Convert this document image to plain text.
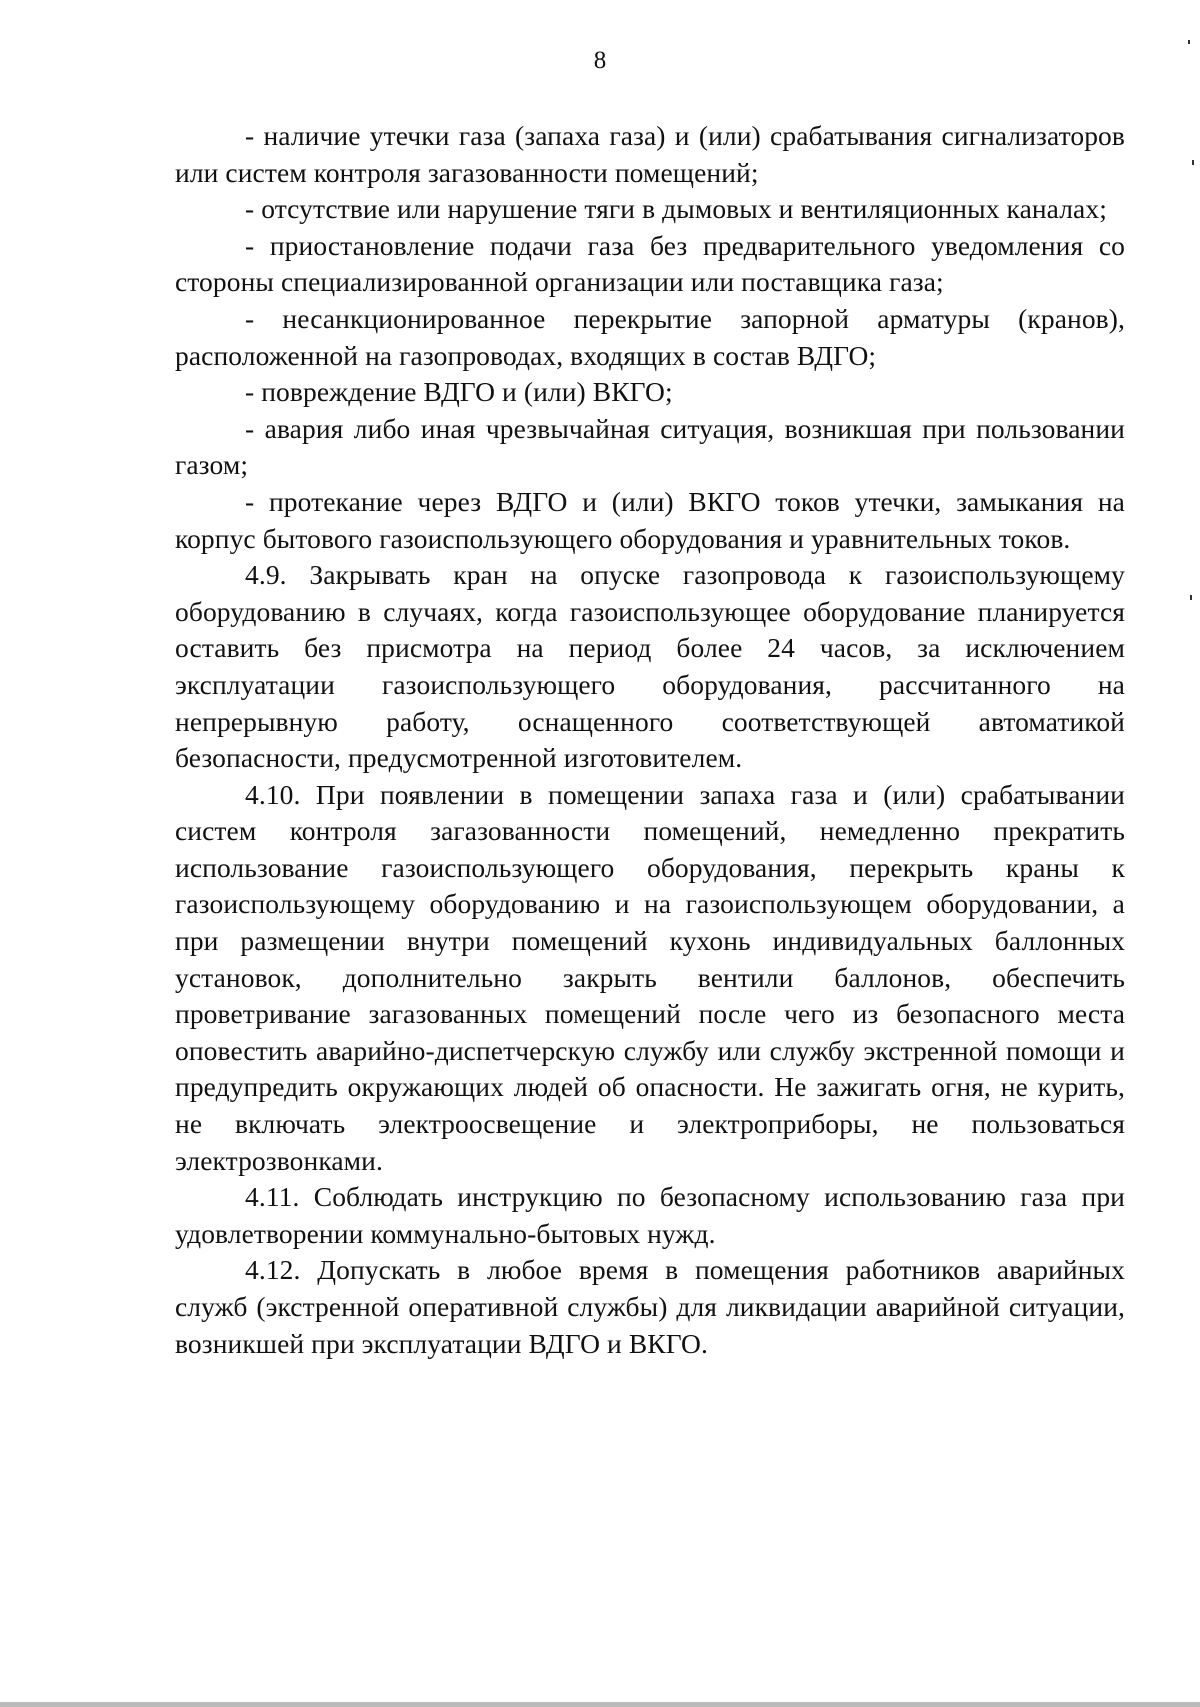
8

- наличие утечки газа (запаха газа) и (или) срабатывания сигнализаторов или систем контроля загазованности помещений;

- отсутствие или нарушение тяги в дымовых и вентиляционных каналах;

- приостановление подачи газа без предварительного уведомления со стороны специализированной организации или поставщика газа;

- несанкционированное перекрытие запорной арматуры (кранов), расположенной на газопроводах, входящих в состав ВДГО;

- повреждение ВДГО и (или) ВКГО;

- авария либо иная чрезвычайная ситуация, возникшая при пользовании газом;

- протекание через ВДГО и (или) ВКГО токов утечки, замыкания на корпус бытового газоиспользующего оборудования и уравнительных токов.

4.9. Закрывать кран на опуске газопровода к газоиспользующему оборудованию в случаях, когда газоиспользующее оборудование планируется оставить без присмотра на период более 24 часов, за исключением эксплуатации газоиспользующего оборудования, рассчитанного на непрерывную работу, оснащенного соответствующей автоматикой безопасности, предусмотренной изготовителем.

4.10. При появлении в помещении запаха газа и (или) срабатывании систем контроля загазованности помещений, немедленно прекратить использование газоиспользующего оборудования, перекрыть краны к газоиспользующему оборудованию и на газоиспользующем оборудовании, а при размещении внутри помещений кухонь индивидуальных баллонных установок, дополнительно закрыть вентили баллонов, обеспечить проветривание загазованных помещений после чего из безопасного места оповестить аварийно-диспетчерскую службу или службу экстренной помощи и предупредить окружающих людей об опасности. Не зажигать огня, не курить, не включать электроосвещение и электроприборы, не пользоваться электрозвонками.

4.11. Соблюдать инструкцию по безопасному использованию газа при удовлетворении коммунально-бытовых нужд.

4.12. Допускать в любое время в помещения работников аварийных служб (экстренной оперативной службы) для ликвидации аварийной ситуации, возникшей при эксплуатации ВДГО и ВКГО.
